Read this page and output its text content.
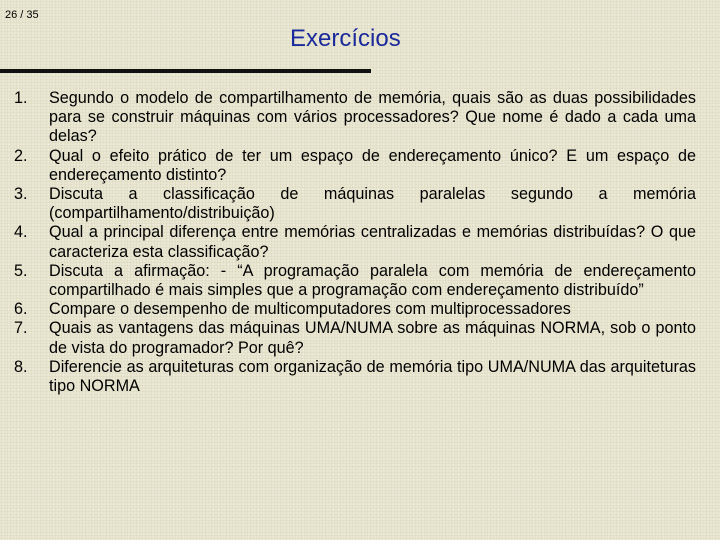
26 / 35
Exercícios
1. Segundo o modelo de compartilhamento de memória, quais são as duas possibilidades para se construir máquinas com vários processadores? Que nome é dado a cada uma delas?
2. Qual o efeito prático de ter um espaço de endereçamento único? E um espaço de endereçamento distinto?
3. Discuta a classificação de máquinas paralelas segundo a memória (compartilhamento/distribuição)
4. Qual a principal diferença entre memórias centralizadas e memórias distribuídas? O que caracteriza esta classificação?
5. Discuta a afirmação: - “A programação paralela com memória de endereçamento compartilhado é mais simples que a programação com endereçamento distribuído”
6. Compare o desempenho de multicomputadores com multiprocessadores
7. Quais as vantagens das máquinas UMA/NUMA sobre as máquinas NORMA, sob o ponto de vista do programador? Por quê?
8. Diferencie as arquiteturas com organização de memória tipo UMA/NUMA das arquiteturas tipo NORMA
